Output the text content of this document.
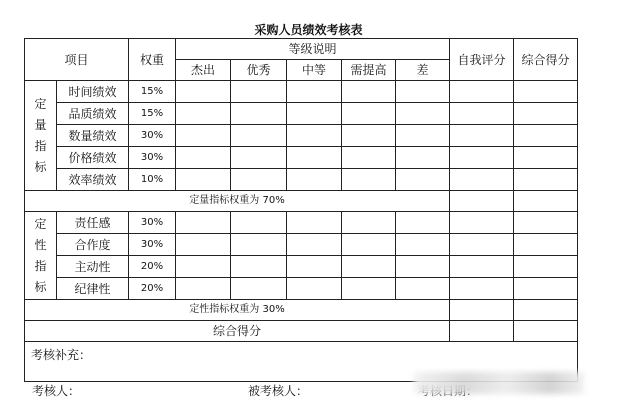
采购人员绩效考核表
项目		权重	等级说明					自我评分	综合得分
			杰出	优秀	中等	需提高	差		

定
量
指
标	时间绩效	15%							
	品质绩效	15%							
	数量绩效	30%							
	价格绩效	30%							
	效率绩效	10%							
定量指标权重为 70%									

定
性
指
标	责任感	30%							
	合作度	30%							
	主动性	20%							
	纪律性	20%							
定性指标权重为 30%									
综合得分									
考核补充：									
考核人：	被考核人：
